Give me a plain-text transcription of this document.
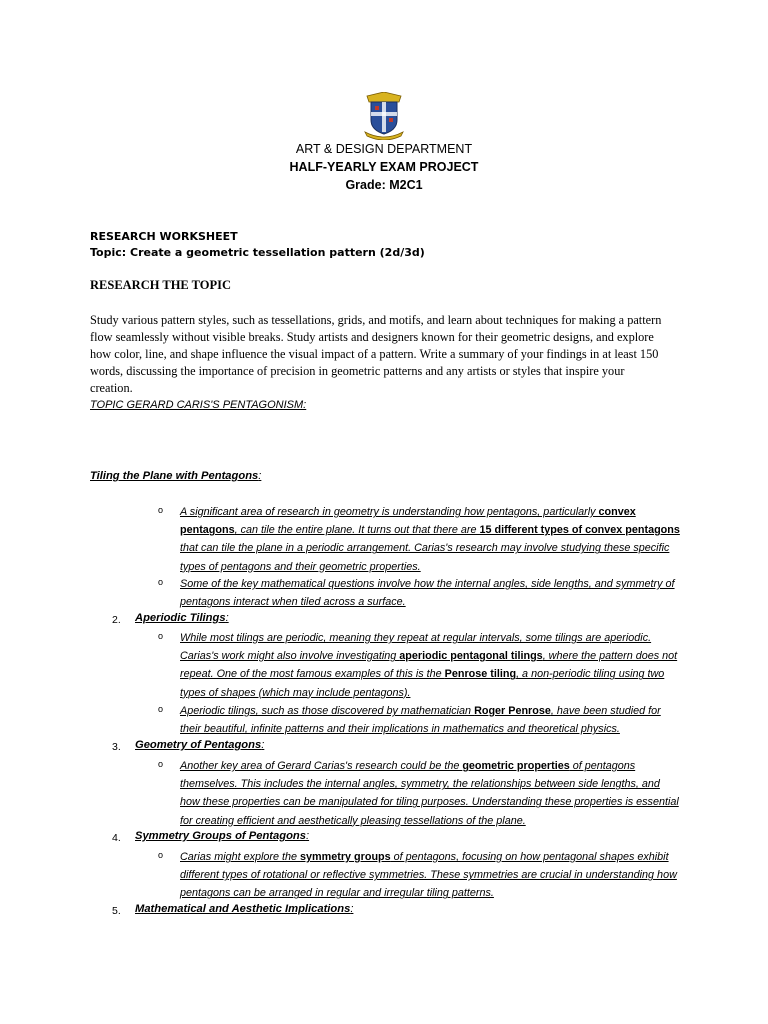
ART & DESIGN DEPARTMENT
HALF-YEARLY EXAM PROJECT
Grade: M2C1
RESEARCH WORKSHEET
Topic: Create a geometric tessellation pattern (2d/3d)
RESEARCH THE TOPIC
Study various pattern styles, such as tessellations, grids, and motifs, and learn about techniques for making a pattern
flow seamlessly without visible breaks. Study artists and designers known for their geometric designs, and explore
how color, line, and shape influence the visual impact of a pattern. Write a summary of your findings in at least 150
words, discussing the importance of precision in geometric patterns and any artists or styles that inspire your
creation.
TOPIC GERARD CARIS'S PENTAGONISM:
Tiling the Plane with Pentagons:
o A significant area of research in geometry is understanding how pentagons, particularly convex pentagons, can tile the entire plane. It turns out that there are 15 different types of convex pentagons that can tile the plane in a periodic arrangement. Carias's research may involve studying these specific types of pentagons and their geometric properties.
o Some of the key mathematical questions involve how the internal angles, side lengths, and symmetry of pentagons interact when tiled across a surface.
2. Aperiodic Tilings:
o While most tilings are periodic, meaning they repeat at regular intervals, some tilings are aperiodic. Carias's work might also involve investigating aperiodic pentagonal tilings, where the pattern does not repeat. One of the most famous examples of this is the Penrose tiling, a non-periodic tiling using two types of shapes (which may include pentagons).
o Aperiodic tilings, such as those discovered by mathematician Roger Penrose, have been studied for their beautiful, infinite patterns and their implications in mathematics and theoretical physics.
3. Geometry of Pentagons:
o Another key area of Gerard Carias's research could be the geometric properties of pentagons themselves. This includes the internal angles, symmetry, the relationships between side lengths, and how these properties can be manipulated for tiling purposes. Understanding these properties is essential for creating efficient and aesthetically pleasing tessellations of the plane.
4. Symmetry Groups of Pentagons:
o Carias might explore the symmetry groups of pentagons, focusing on how pentagonal shapes exhibit different types of rotational or reflective symmetries. These symmetries are crucial in understanding how pentagons can be arranged in regular and irregular tiling patterns.
5. Mathematical and Aesthetic Implications:
